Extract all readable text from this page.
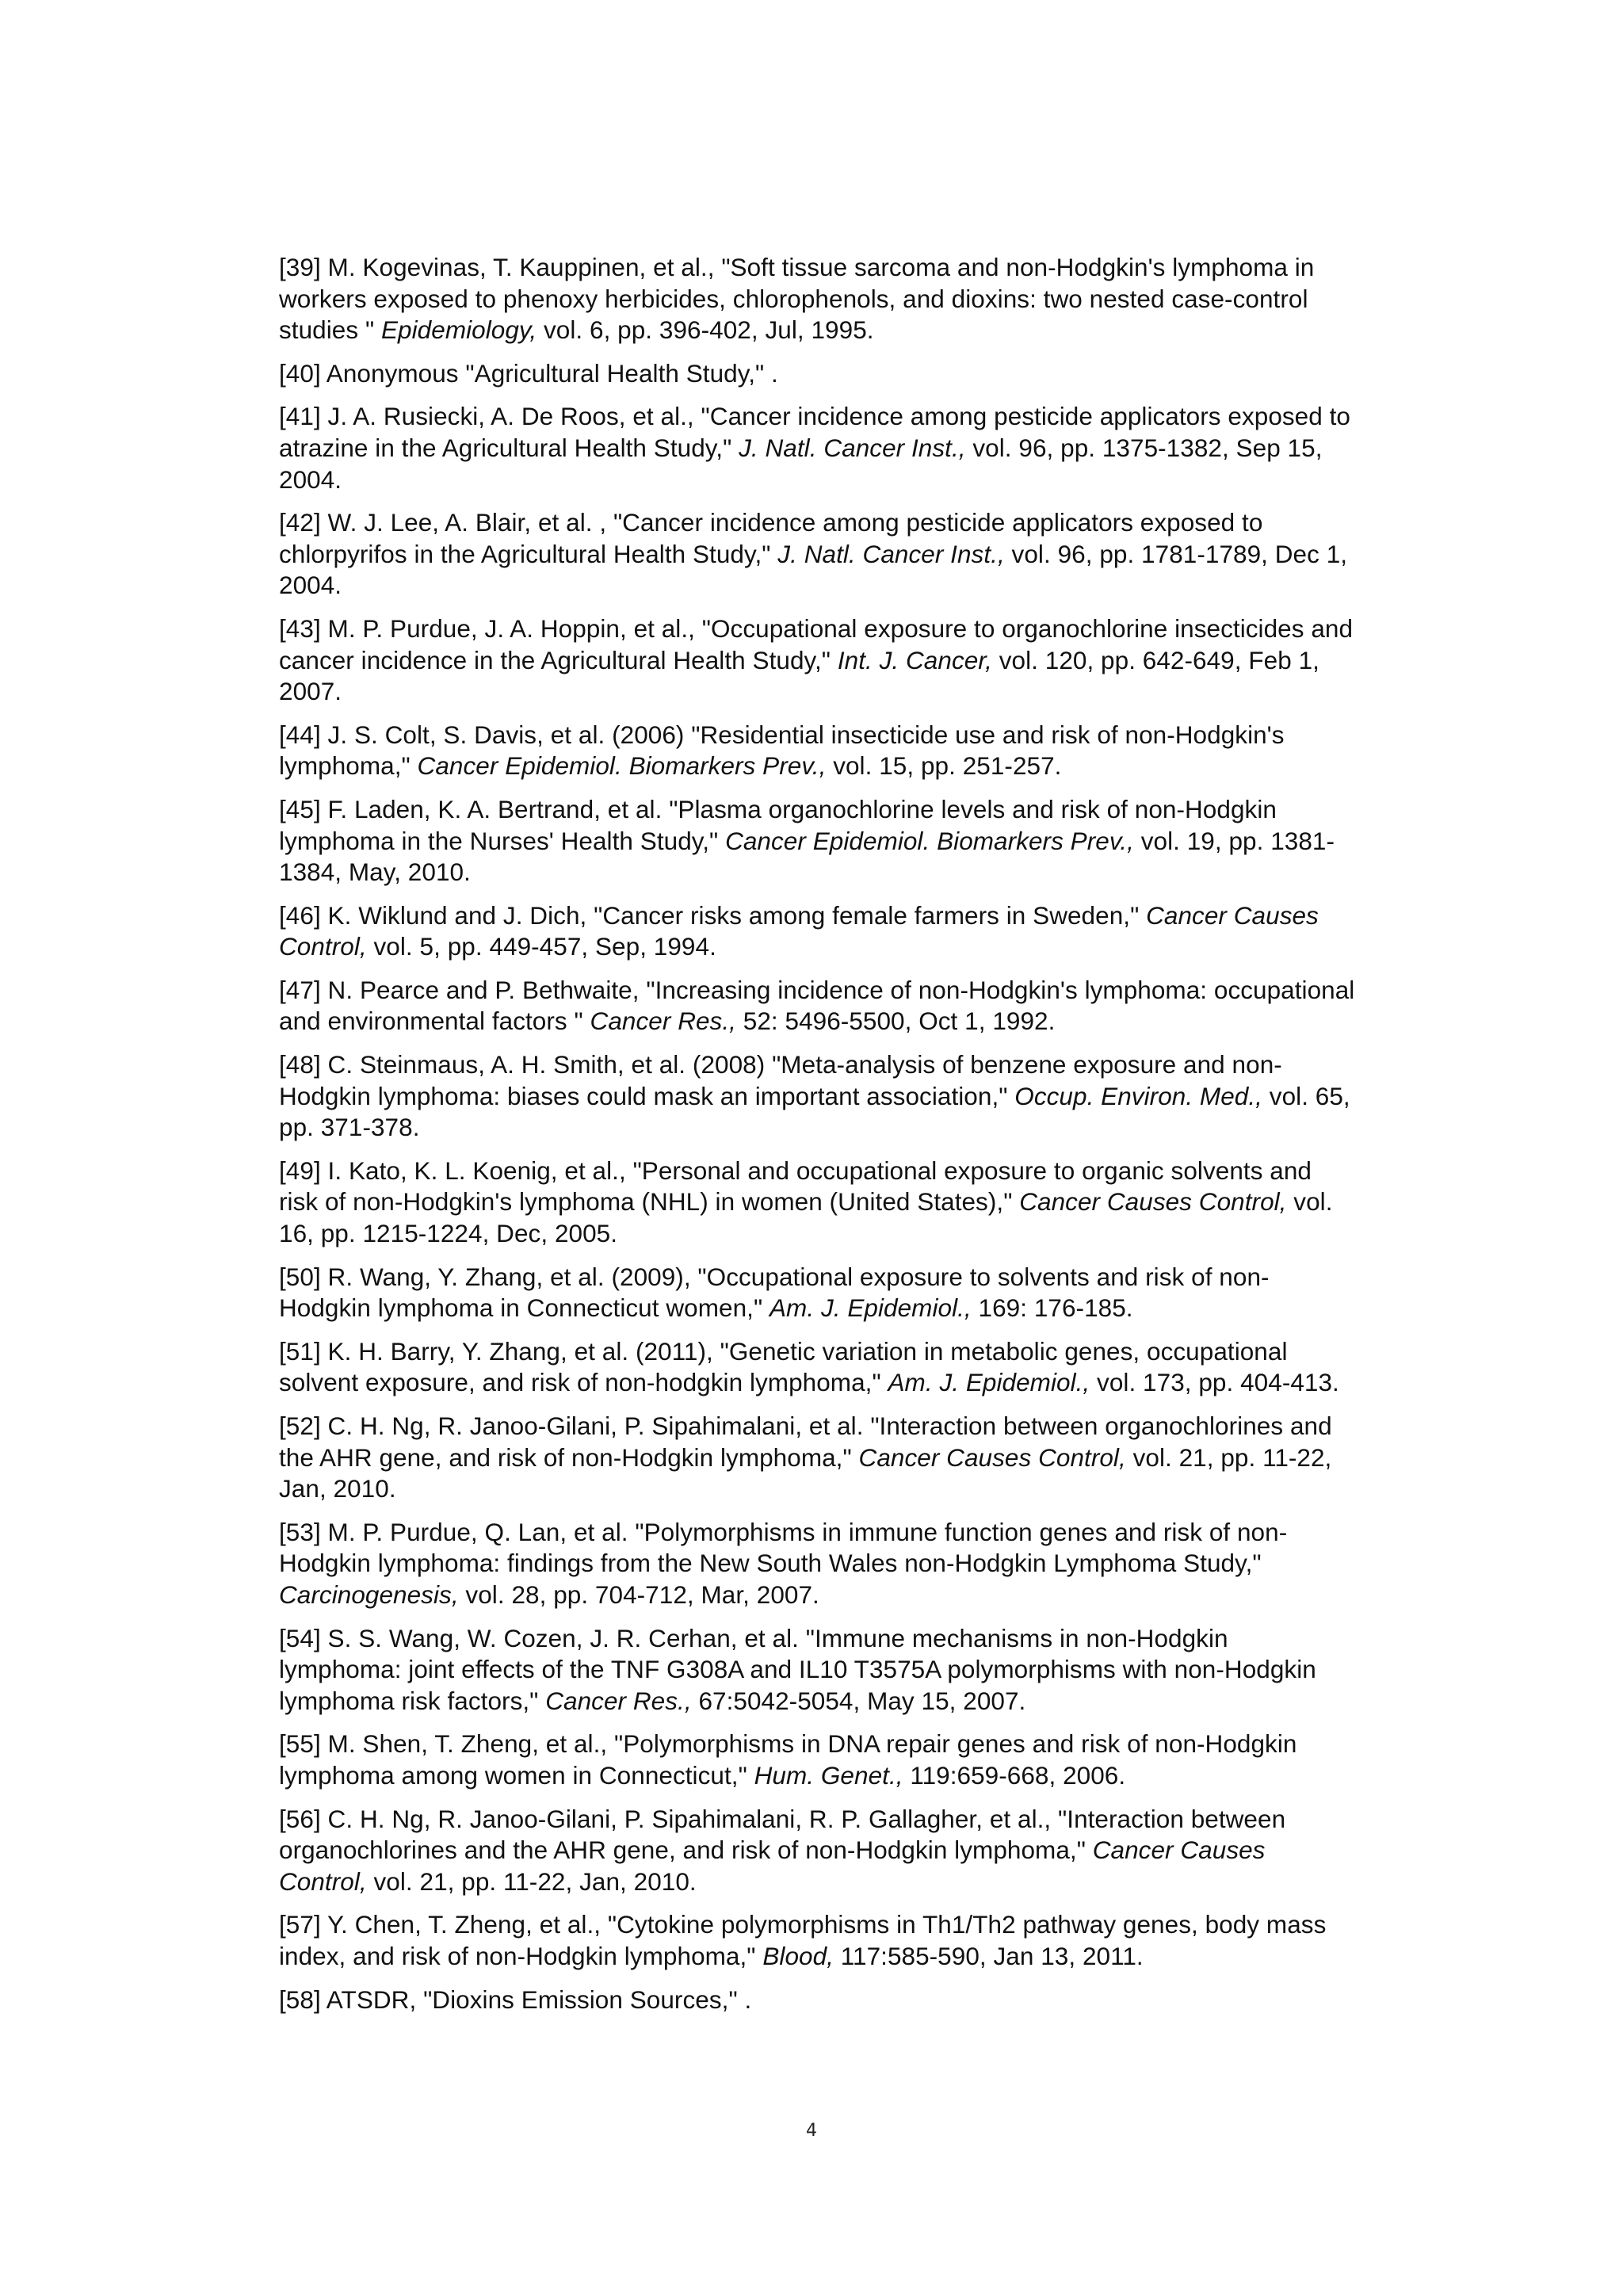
[39] M. Kogevinas, T. Kauppinen, et al., "Soft tissue sarcoma and non-Hodgkin's lymphoma in workers exposed to phenoxy herbicides, chlorophenols, and dioxins: two nested case-control studies " Epidemiology, vol. 6, pp. 396-402, Jul, 1995.

[40] Anonymous "Agricultural Health Study," .

[41] J. A. Rusiecki, A. De Roos, et al., "Cancer incidence among pesticide applicators exposed to atrazine in the Agricultural Health Study," J. Natl. Cancer Inst., vol. 96, pp. 1375-1382, Sep 15, 2004.

[42] W. J. Lee, A. Blair, et al. , "Cancer incidence among pesticide applicators exposed to chlorpyrifos in the Agricultural Health Study," J. Natl. Cancer Inst., vol. 96, pp. 1781-1789, Dec 1, 2004.

[43] M. P. Purdue, J. A. Hoppin, et al., "Occupational exposure to organochlorine insecticides and cancer incidence in the Agricultural Health Study," Int. J. Cancer, vol. 120, pp. 642-649, Feb 1, 2007.

[44] J. S. Colt, S. Davis, et al. (2006) "Residential insecticide use and risk of non-Hodgkin's lymphoma," Cancer Epidemiol. Biomarkers Prev., vol. 15, pp. 251-257.

[45] F. Laden, K. A. Bertrand, et al. "Plasma organochlorine levels and risk of non-Hodgkin lymphoma in the Nurses' Health Study," Cancer Epidemiol. Biomarkers Prev., vol. 19, pp. 1381-1384, May, 2010.

[46] K. Wiklund and J. Dich, "Cancer risks among female farmers in Sweden," Cancer Causes Control, vol. 5, pp. 449-457, Sep, 1994.

[47] N. Pearce and P. Bethwaite, "Increasing incidence of non-Hodgkin's lymphoma: occupational and environmental factors " Cancer Res., 52: 5496-5500, Oct 1, 1992.

[48] C. Steinmaus, A. H. Smith, et al. (2008) "Meta-analysis of benzene exposure and non-Hodgkin lymphoma: biases could mask an important association," Occup. Environ. Med., vol. 65, pp. 371-378.

[49] I. Kato, K. L. Koenig, et al., "Personal and occupational exposure to organic solvents and risk of non-Hodgkin's lymphoma (NHL) in women (United States)," Cancer Causes Control, vol. 16, pp. 1215-1224, Dec, 2005.

[50] R. Wang, Y. Zhang, et al. (2009), "Occupational exposure to solvents and risk of non-Hodgkin lymphoma in Connecticut women," Am. J. Epidemiol., 169: 176-185.

[51] K. H. Barry, Y. Zhang, et al. (2011), "Genetic variation in metabolic genes, occupational solvent exposure, and risk of non-hodgkin lymphoma," Am. J. Epidemiol., vol. 173, pp. 404-413.

[52] C. H. Ng, R. Janoo-Gilani, P. Sipahimalani, et al. "Interaction between organochlorines and the AHR gene, and risk of non-Hodgkin lymphoma," Cancer Causes Control, vol. 21, pp. 11-22, Jan, 2010.

[53] M. P. Purdue, Q. Lan, et al. "Polymorphisms in immune function genes and risk of non-Hodgkin lymphoma: findings from the New South Wales non-Hodgkin Lymphoma Study," Carcinogenesis, vol. 28, pp. 704-712, Mar, 2007.

[54] S. S. Wang, W. Cozen, J. R. Cerhan, et al. "Immune mechanisms in non-Hodgkin lymphoma: joint effects of the TNF G308A and IL10 T3575A polymorphisms with non-Hodgkin lymphoma risk factors," Cancer Res., 67:5042-5054, May 15, 2007.

[55] M. Shen, T. Zheng, et al., "Polymorphisms in DNA repair genes and risk of non-Hodgkin lymphoma among women in Connecticut," Hum. Genet., 119:659-668, 2006.

[56] C. H. Ng, R. Janoo-Gilani, P. Sipahimalani, R. P. Gallagher, et al., "Interaction between organochlorines and the AHR gene, and risk of non-Hodgkin lymphoma," Cancer Causes Control, vol. 21, pp. 11-22, Jan, 2010.

[57] Y. Chen, T. Zheng, et al., "Cytokine polymorphisms in Th1/Th2 pathway genes, body mass index, and risk of non-Hodgkin lymphoma," Blood, 117:585-590, Jan 13, 2011.

[58] ATSDR, "Dioxins Emission Sources," .

4
